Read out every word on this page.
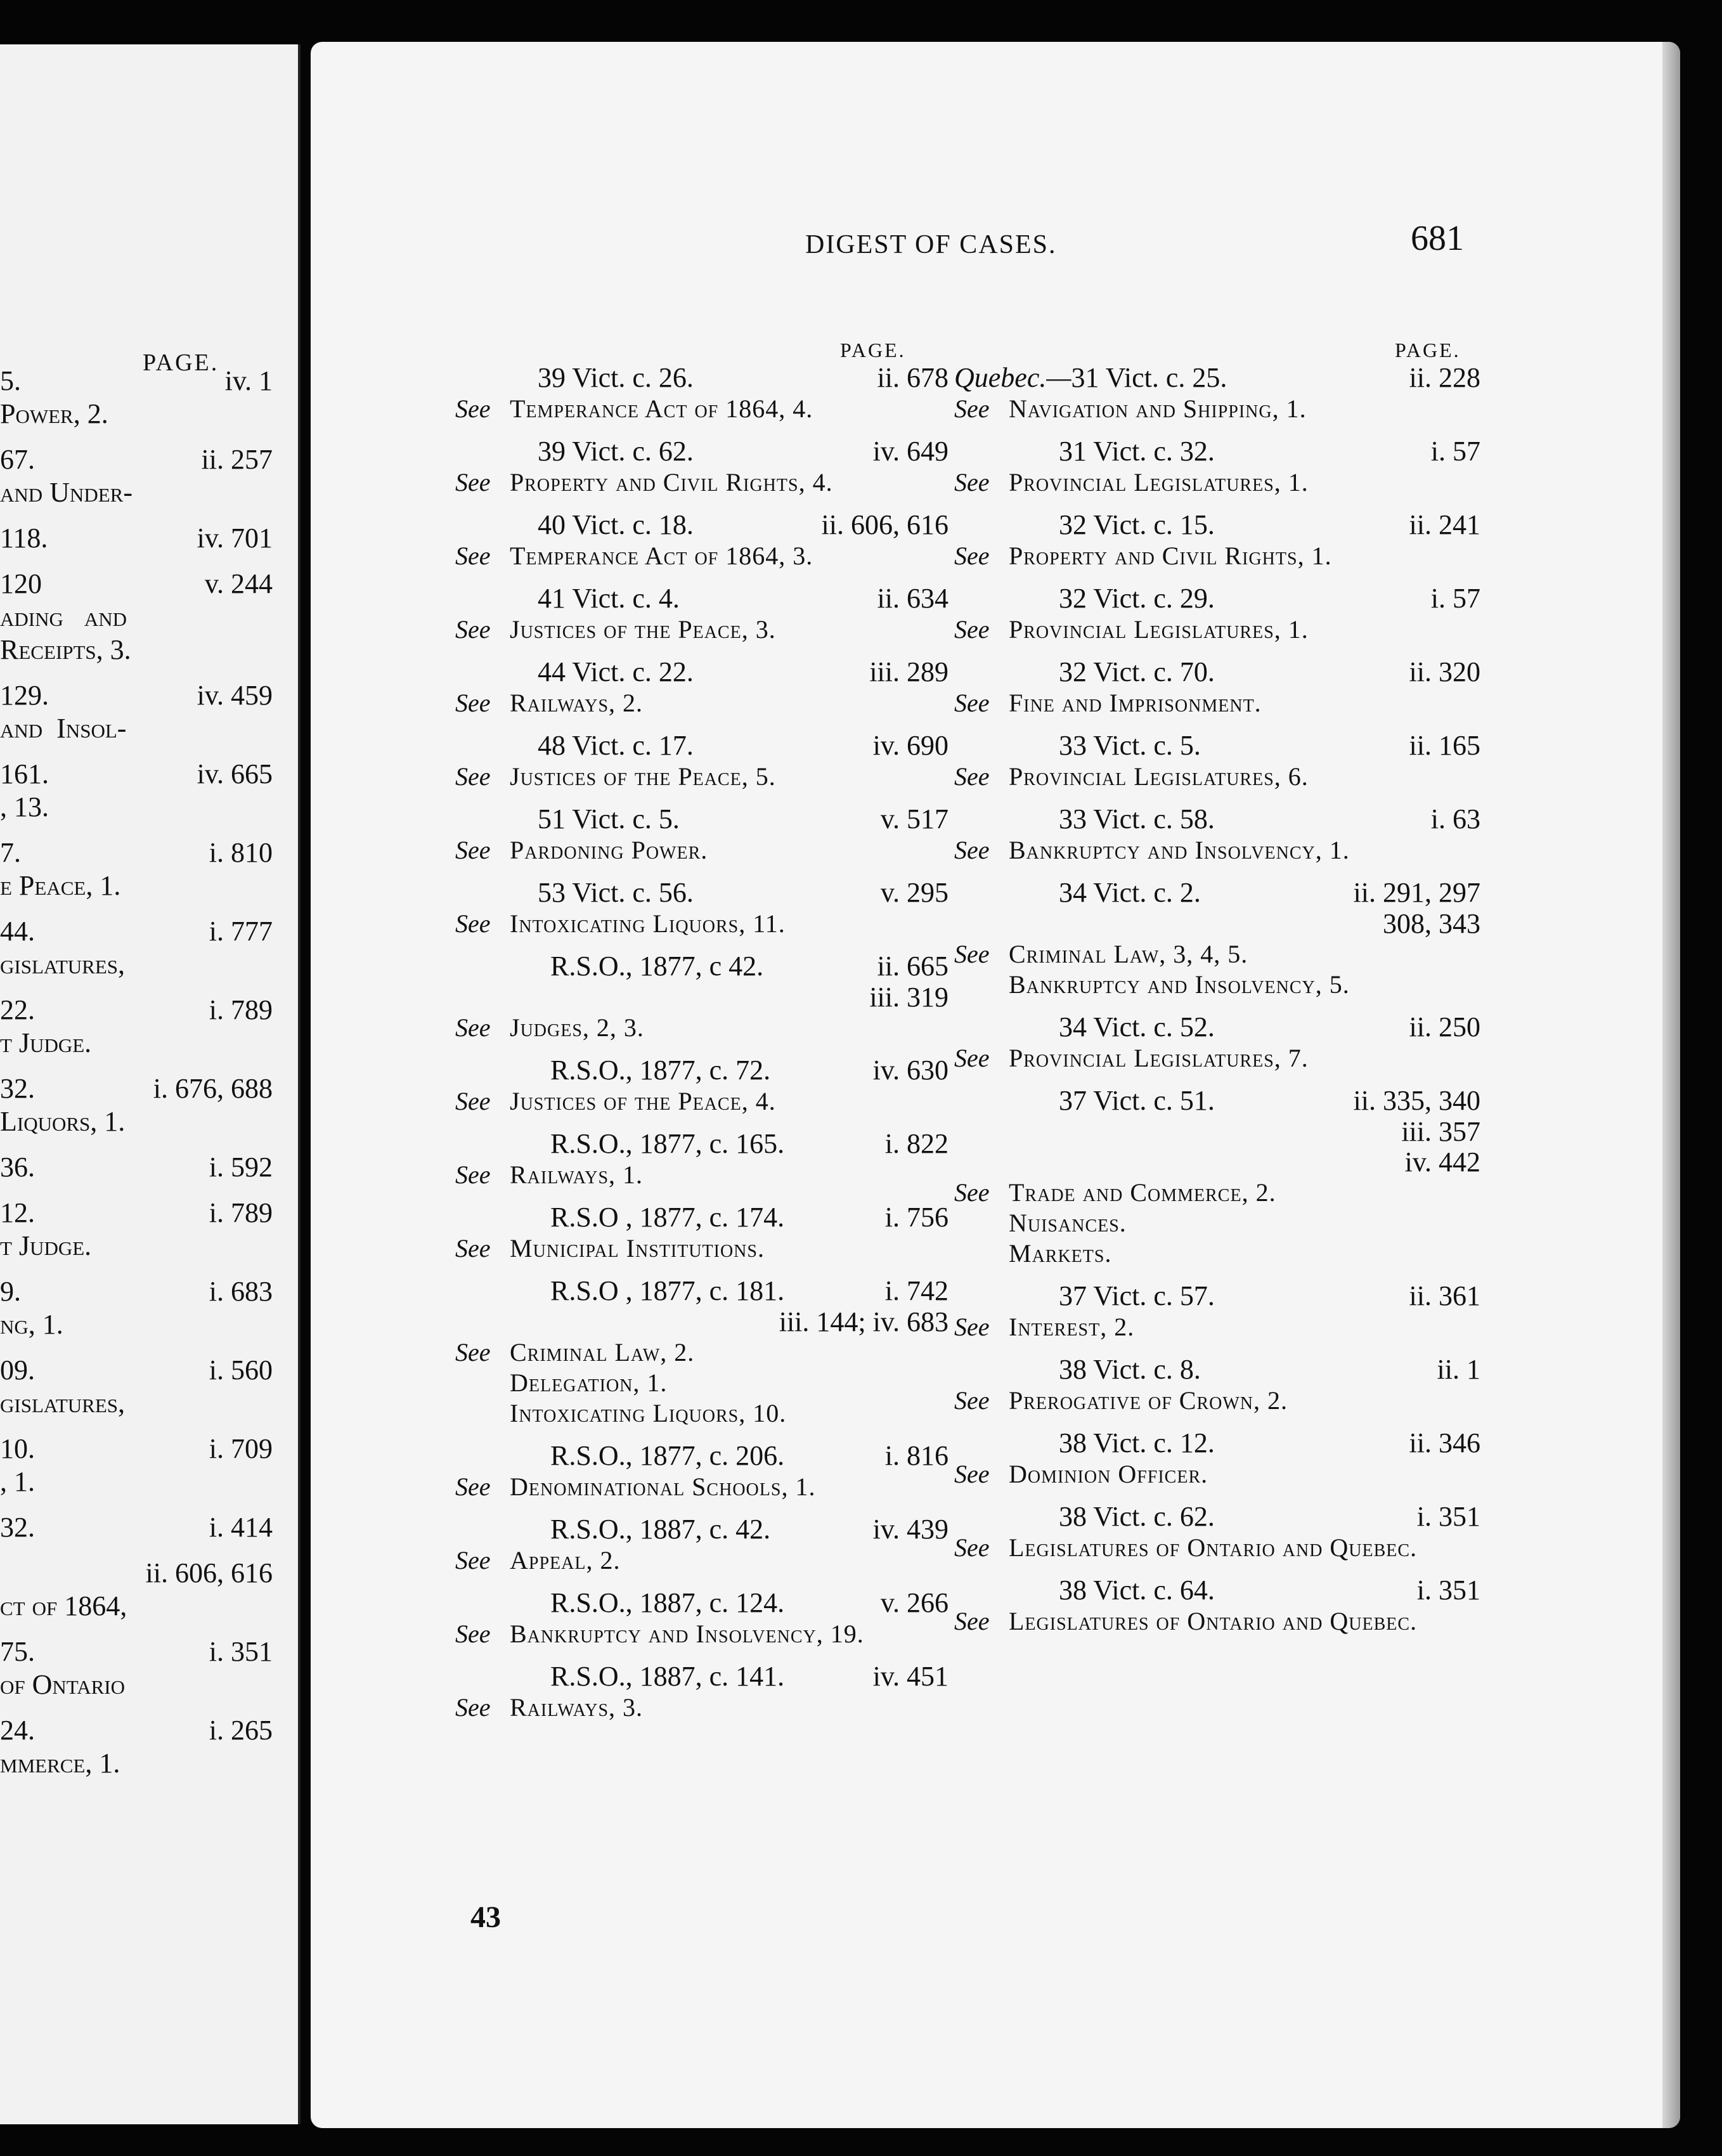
PAGE.
5.	iv. 1
Power, 2.
67.	ii. 257
and Under-
118.	iv. 701
120	v. 244
ading   and
Receipts, 3.
129.	iv. 459
and  Insol-
161.	iv. 665
, 13.
7.	i. 810
e Peace, 1.
44.	i. 777
gislatures,
22.	i. 789
t Judge.
32.	i. 676, 688
Liquors, 1.
36.	i. 592
12.	i. 789
t Judge.
9.	i. 683
ng, 1.
09.	i. 560
gislatures,
10.	i. 709
, 1.
32.	i. 414
ii. 606, 616
ct of 1864,
75.	i. 351
of Ontario
24.	i. 265
mmerce, 1.
DIGEST OF CASES.	681
PAGE.	PAGE.
39 Vict. c. 26.	ii. 678
See Temperance Act of 1864, 4.
39 Vict. c. 62.	iv. 649
See Property and Civil Rights, 4.
40 Vict. c. 18.	ii. 606, 616
See Temperance Act of 1864, 3.
41 Vict. c. 4.	ii. 634
See Justices of the Peace, 3.
44 Vict. c. 22.	iii. 289
See Railways, 2.
48 Vict. c. 17.	iv. 690
See Justices of the Peace, 5.
51 Vict. c. 5.	v. 517
See Pardoning Power.
53 Vict. c. 56.	v. 295
See Intoxicating Liquors, 11.
R.S.O., 1877, c 42.	ii. 665
iii. 319
See Judges, 2, 3.
R.S.O., 1877, c. 72.	iv. 630
See Justices of the Peace, 4.
R.S.O., 1877, c. 165.	i. 822
See Railways, 1.
R.S.O , 1877, c. 174.	i. 756
See Municipal Institutions.
R.S.O , 1877, c. 181.	i. 742
iii. 144; iv. 683
See Criminal Law, 2.
Delegation, 1.
Intoxicating Liquors, 10.
R.S.O., 1877, c. 206.	i. 816
See Denominational Schools, 1.
R.S.O., 1887, c. 42.	iv. 439
See Appeal, 2.
R.S.O., 1887, c. 124.	v. 266
See Bankruptcy and Insolvency, 19.
R.S.O., 1887, c. 141.	iv. 451
See Railways, 3.
Quebec.—31 Vict. c. 25.	ii. 228
See Navigation and Shipping, 1.
31 Vict. c. 32.	i. 57
See Provincial Legislatures, 1.
32 Vict. c. 15.	ii. 241
See Property and Civil Rights, 1.
32 Vict. c. 29.	i. 57
See Provincial Legislatures, 1.
32 Vict. c. 70.	ii. 320
See Fine and Imprisonment.
33 Vict. c. 5.	ii. 165
See Provincial Legislatures, 6.
33 Vict. c. 58.	i. 63
See Bankruptcy and Insolvency, 1.
34 Vict. c. 2.	ii. 291, 297
308, 343
See Criminal Law, 3, 4, 5.
Bankruptcy and Insolvency, 5.
34 Vict. c. 52.	ii. 250
See Provincial Legislatures, 7.
37 Vict. c. 51.	ii. 335, 340
iii. 357
iv. 442
See Trade and Commerce, 2.
Nuisances.
Markets.
37 Vict. c. 57.	ii. 361
See Interest, 2.
38 Vict. c. 8.	ii. 1
See Prerogative of Crown, 2.
38 Vict. c. 12.	ii. 346
See Dominion Officer.
38 Vict. c. 62.	i. 351
See Legislatures of Ontario and Quebec.
38 Vict. c. 64.	i. 351
See Legislatures of Ontario and Quebec.
43
